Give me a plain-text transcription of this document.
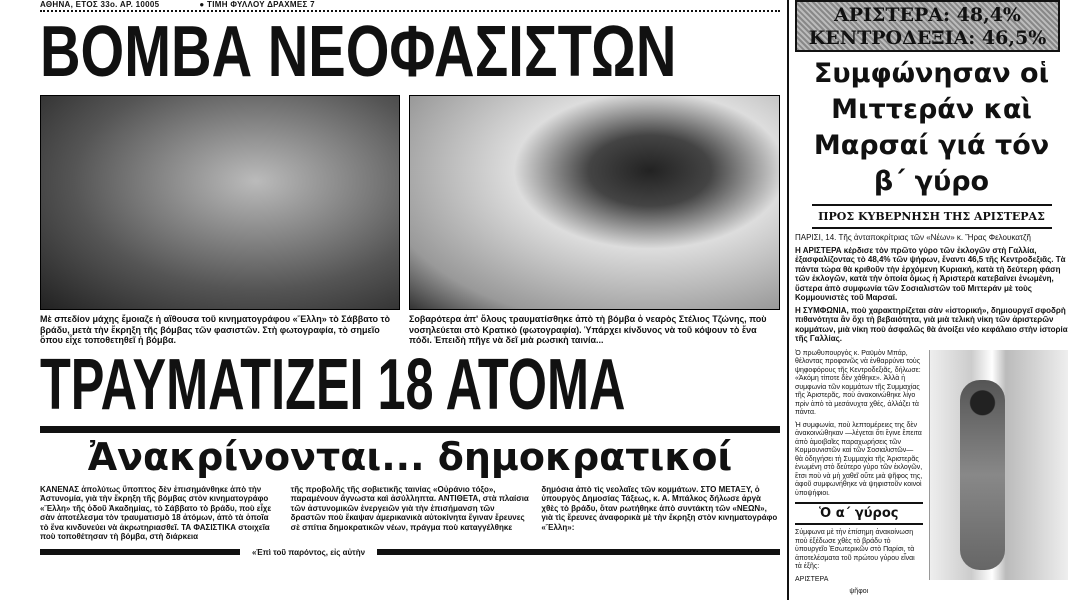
ΑΘΗΝΑ, ΕΤΟΣ 33ο. ΑΡ. 10005	● ΤΙΜΗ ΦΥΛΛΟΥ ΔΡΑΧΜΕΣ 7
ΒΟΜΒΑ ΝΕΟΦΑΣΙΣΤΩΝ
Μὲ σπεδίον μάχης ἔμοιαζε ἡ αἴθουσα τοῦ κινηματογράφου «Ἔλλη» τὸ Σάββατο τὸ βράδυ, μετὰ τὴν ἔκρηξη τῆς βόμβας τῶν φασιστῶν. Στὴ φωτογραφία, τὸ σημεῖο ὅπου εἶχε τοποθετηθεῖ ἡ βόμβα.
Σοβαρότερα ἀπ' ὅλους τραυματίσθηκε ἀπὸ τὴ βόμβα ὁ νεαρὸς Στέλιος Τζώνης, ποὺ νοσηλεύεται στὸ Κρατικὸ (φωτογραφία). Ὑπάρχει κίνδυνος νὰ τοῦ κόψουν τὸ ἕνα πόδι. Ἐπειδὴ πῆγε νὰ δεῖ μιὰ ρωσικὴ ταινία...
ΤΡΑΥΜΑΤΙΖΕΙ 18 ΑΤΟΜΑ
Ἀνακρίνονται... δημοκρατικοί
ΚΑΝΕΝΑΣ ἀπολύτως ὕποπτος δὲν ἐπισημάνθηκε ἀπὸ τὴν Ἀστυνομία, γιὰ τὴν ἔκρηξη τῆς βόμβας στὸν κινηματογράφο «Ἔλλη» τῆς ὁδοῦ Ἀκαδημίας, τὸ Σάββατο τὸ βράδυ, ποὺ εἶχε σὰν ἀποτέλεσμα τὸν τραυματισμὸ 18 ἀτόμων, ἀπὸ τὰ ὁποῖα τὸ ἕνα κινδυνεύει νὰ ἀκρωτηριασθεῖ. ΤΑ ΦΑΣΙΣΤΙΚΑ στοιχεῖα ποὺ τοποθέτησαν τὴ βόμβα, στὴ διάρκεια
τῆς προβολῆς τῆς σοβιετικῆς ταινίας «Οὐράνιο τόξο», παραμένουν ἄγνωστα καὶ ἀσύλληπτα. ΑΝΤΙΘΕΤΑ, στὰ πλαίσια τῶν ἀστυνομικῶν ἐνεργειῶν γιὰ τὴν ἐπισήμανση τῶν δραστῶν ποὺ ἔκαψαν ἀμερικανικὰ αὐτοκίνητα ἔγιναν ἔρευνες σὲ σπίτια δημοκρατικῶν νέων, πράγμα ποὺ καταγγέλθηκε
δημόσια ἀπὸ τὶς νεολαῖες τῶν κομμάτων. ΣΤΟ ΜΕΤΑΞΥ, ὁ ὑπουργὸς Δημοσίας Τάξεως, κ. Α. Μπάλκος δήλωσε ἀργὰ χθὲς τὸ βράδυ, ὅταν ρωτήθηκε ἀπὸ συντάκτη τῶν «ΝΕΩΝ», γιὰ τὶς ἔρευνες ἀναφορικὰ μὲ τὴν ἔκρηξη στὸν κινηματογράφο «Ἔλλη»:
«Ἐπὶ τοῦ παρόντος, εἰς αὐτὴν
ΑΡΙΣΤΕΡΑ: 48,4%
ΚΕΝΤΡΟΔΕΞΙΑ: 46,5%
Συμφώνησαν οἱ Μιττεράν καὶ Μαρσαί γιά τόν β΄ γύρο
ΠΡΟΣ ΚΥΒΕΡΝΗΣΗ ΤΗΣ ΑΡΙΣΤΕΡΑΣ
ΠΑΡΙΣΙ, 14. Τῆς ἀνταποκρίτριας τῶν «Νέων» κ. Ἥρας Φελουκατζῆ
Η ΑΡΙΣΤΕΡΑ κέρδισε τὸν πρῶτο γύρο τῶν ἐκλογῶν στὴ Γαλλία, ἐξασφαλίζοντας τὸ 48,4% τῶν ψήφων, ἔναντι 46,5 τῆς Κεντροδεξιᾶς. Τὰ πάντα τώρα θὰ κριθοῦν τὴν ἐρχόμενη Κυριακή, κατὰ τὴ δεύτερη φάση τῶν ἐκλογῶν, κατὰ τὴν ὁποία ὅμως ἡ Ἀριστερὰ κατεβαίνει ἑνωμένη, ὕστερα ἀπὸ συμφωνία τῶν Σοσιαλιστῶν τοῦ Μιττεράν μὲ τοὺς Κομμουνιστὲς τοῦ Μαρσαί.
Η ΣΥΜΦΩΝΙΑ, ποὺ χαρακτηρίζεται σὰν «ἱστορική», δημιουργεῖ σφοδρὴ πιθανότητα ἂν ὄχι τὴ βεβαιότητα, γιὰ μιὰ τελικὴ νίκη τῶν ἀριστερῶν κομμάτων, μιὰ νίκη ποὺ ἀσφαλῶς θὰ ἀνοίξει νέο κεφάλαιο στὴν ἱστορία τῆς Γαλλίας.
Ὁ πρωθυπουργὸς κ. Ραϋμὸν Μπάρ, θέλοντας προφανῶς νὰ ἐνθαρρύνει τοὺς ψηφοφόρους τῆς Κεντροδεξιᾶς, δήλωσε: «Ἀκόμη τίποτε δὲν χάθηκε». Ἀλλὰ ἡ συμφωνία τῶν κομμάτων τῆς Συμμαχίας τῆς Ἀριστερᾶς, ποὺ ἀνακοινώθηκε λίγο πρὶν ἀπὸ τὰ μεσάνυχτα χθές, ἀλλάζει τὰ πάντα.
Ἡ συμφωνία, ποὺ λεπτομέρειες της δὲν ἀνακοινώθηκαν —λέγεται ὅτι ἔγινε ἔπειτα ἀπὸ ἀμοιβαῖες παραχωρήσεις τῶν Κομμουνιστῶν καὶ τῶν Σοσιαλιστῶν— θὰ ὁδηγήσει τὴ Συμμαχία τῆς Ἀριστερᾶς ἑνωμένη στὸ δεύτερο γύρο τῶν ἐκλογῶν, ἔτσι ποὺ νὰ μὴ χαθεῖ οὔτε μιὰ ψῆφος της, ἀφοῦ συμφωνήθηκε νὰ ψηφιστοῦν κοινοὶ ὑποψήφιοι.
Ὁ α΄ γύρος
Σύμφωνα μὲ τὴν ἐπίσημη ἀνακοίνωση ποὺ ἐξέδωσε χθὲς τὸ βράδυ τὸ ὑπουργεῖο Ἐσωτερικῶν στὸ Παρίσι, τὰ ἀποτελέσματα τοῦ πρώτου γύρου εἶναι τὰ ἑξῆς:
ΑΡΙΣΤΕΡΑ
ψῆφοι
